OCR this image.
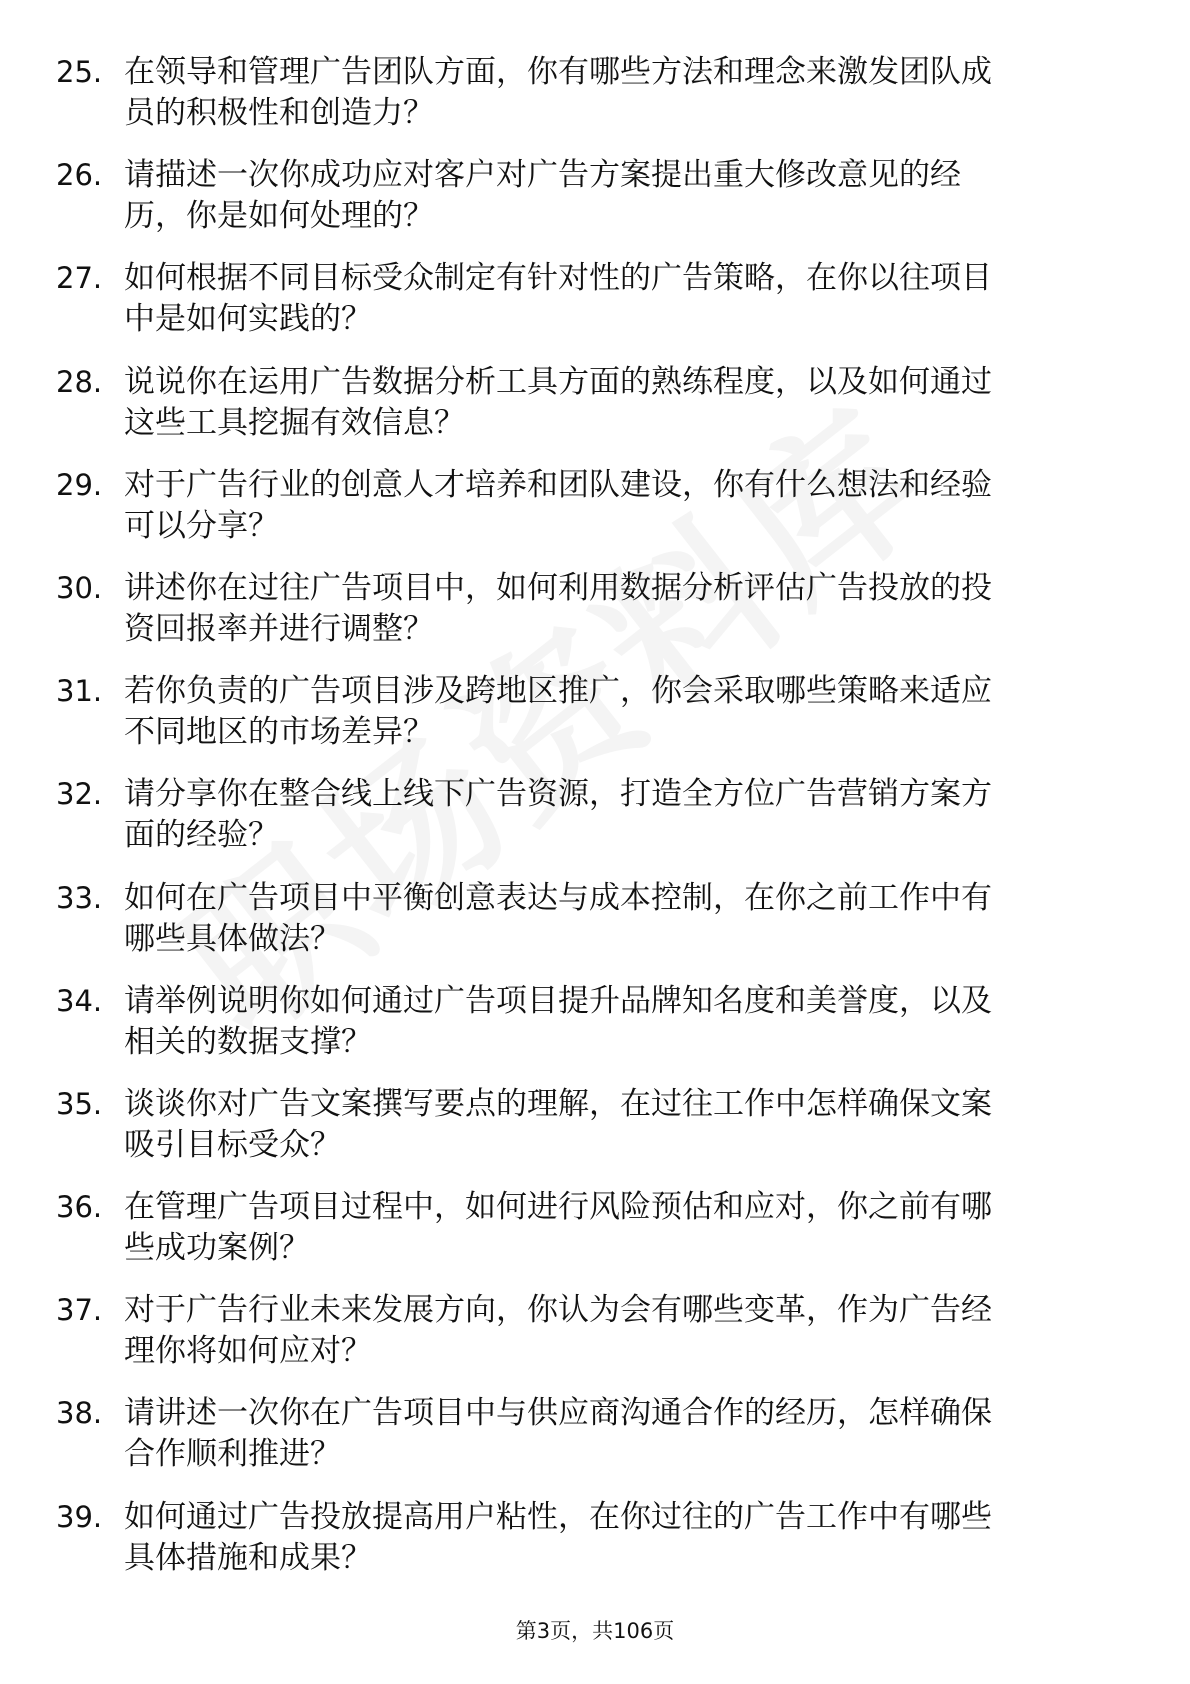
25. 在领导和管理广告团队方面，你有哪些方法和理念来激发团队成
员的积极性和创造力？
26. 请描述一次你成功应对客户对广告方案提出重大修改意见的经
历，你是如何处理的？
27. 如何根据不同目标受众制定有针对性的广告策略，在你以往项目
中是如何实践的？
28. 说说你在运用广告数据分析工具方面的熟练程度，以及如何通过
这些工具挖掘有效信息？
29. 对于广告行业的创意人才培养和团队建设，你有什么想法和经验
可以分享？
30. 讲述你在过往广告项目中，如何利用数据分析评估广告投放的投
资回报率并进行调整？
31. 若你负责的广告项目涉及跨地区推广，你会采取哪些策略来适应
不同地区的市场差异？
32. 请分享你在整合线上线下广告资源，打造全方位广告营销方案方
面的经验？
33. 如何在广告项目中平衡创意表达与成本控制，在你之前工作中有
哪些具体做法？
34. 请举例说明你如何通过广告项目提升品牌知名度和美誉度，以及
相关的数据支撑？
35. 谈谈你对广告文案撰写要点的理解，在过往工作中怎样确保文案
吸引目标受众？
36. 在管理广告项目过程中，如何进行风险预估和应对，你之前有哪
些成功案例？
37. 对于广告行业未来发展方向，你认为会有哪些变革，作为广告经
理你将如何应对？
38. 请讲述一次你在广告项目中与供应商沟通合作的经历，怎样确保
合作顺利推进？
39. 如何通过广告投放提高用户粘性，在你过往的广告工作中有哪些
具体措施和成果？
第3页，共106页
